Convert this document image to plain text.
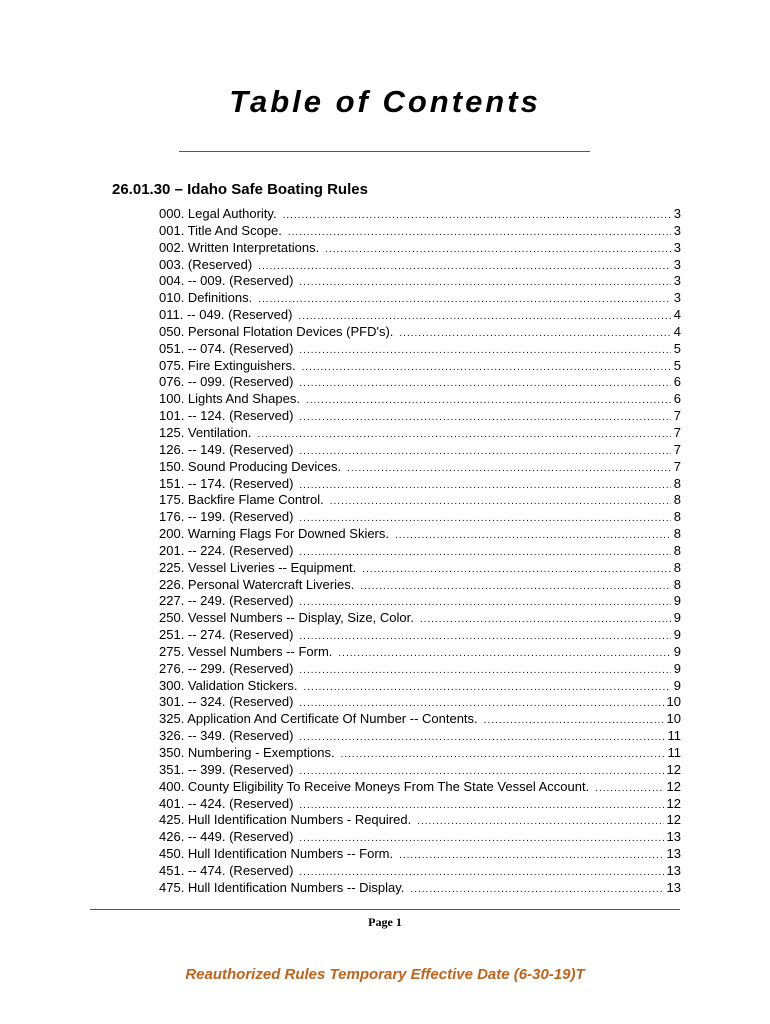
Table of Contents
26.01.30 – Idaho Safe Boating Rules
000. Legal Authority. .....	3
001. Title And Scope. .....	3
002. Written Interpretations. .....	3
003. (Reserved) .....	3
004. -- 009. (Reserved) .....	3
010. Definitions. .....	3
011. -- 049. (Reserved) .....	4
050. Personal Flotation Devices (PFD's). .....	4
051. -- 074. (Reserved) .....	5
075. Fire Extinguishers. .....	5
076. -- 099. (Reserved) .....	6
100. Lights And Shapes. .....	6
101. -- 124. (Reserved) .....	7
125. Ventilation. .....	7
126. -- 149. (Reserved) .....	7
150. Sound Producing Devices. .....	7
151. -- 174. (Reserved) .....	8
175. Backfire Flame Control. .....	8
176. -- 199. (Reserved) .....	8
200. Warning Flags For Downed Skiers. .....	8
201. -- 224. (Reserved) .....	8
225. Vessel Liveries -- Equipment. .....	8
226. Personal Watercraft Liveries. .....	8
227. -- 249. (Reserved) .....	9
250. Vessel Numbers -- Display, Size, Color. .....	9
251. -- 274. (Reserved) .....	9
275. Vessel Numbers -- Form. .....	9
276. -- 299. (Reserved) .....	9
300. Validation Stickers. .....	9
301. -- 324. (Reserved) .....	10
325. Application And Certificate Of Number -- Contents. .....	10
326. -- 349. (Reserved) .....	11
350. Numbering - Exemptions. .....	11
351. -- 399. (Reserved) .....	12
400. County Eligibility To Receive Moneys From The State Vessel Account. .....	12
401. -- 424. (Reserved) .....	12
425. Hull Identification Numbers - Required. .....	12
426. -- 449. (Reserved) .....	13
450. Hull Identification Numbers -- Form. .....	13
451. -- 474. (Reserved) .....	13
475. Hull Identification Numbers -- Display. .....	13
Page 1
Reauthorized Rules Temporary Effective Date (6-30-19)T
